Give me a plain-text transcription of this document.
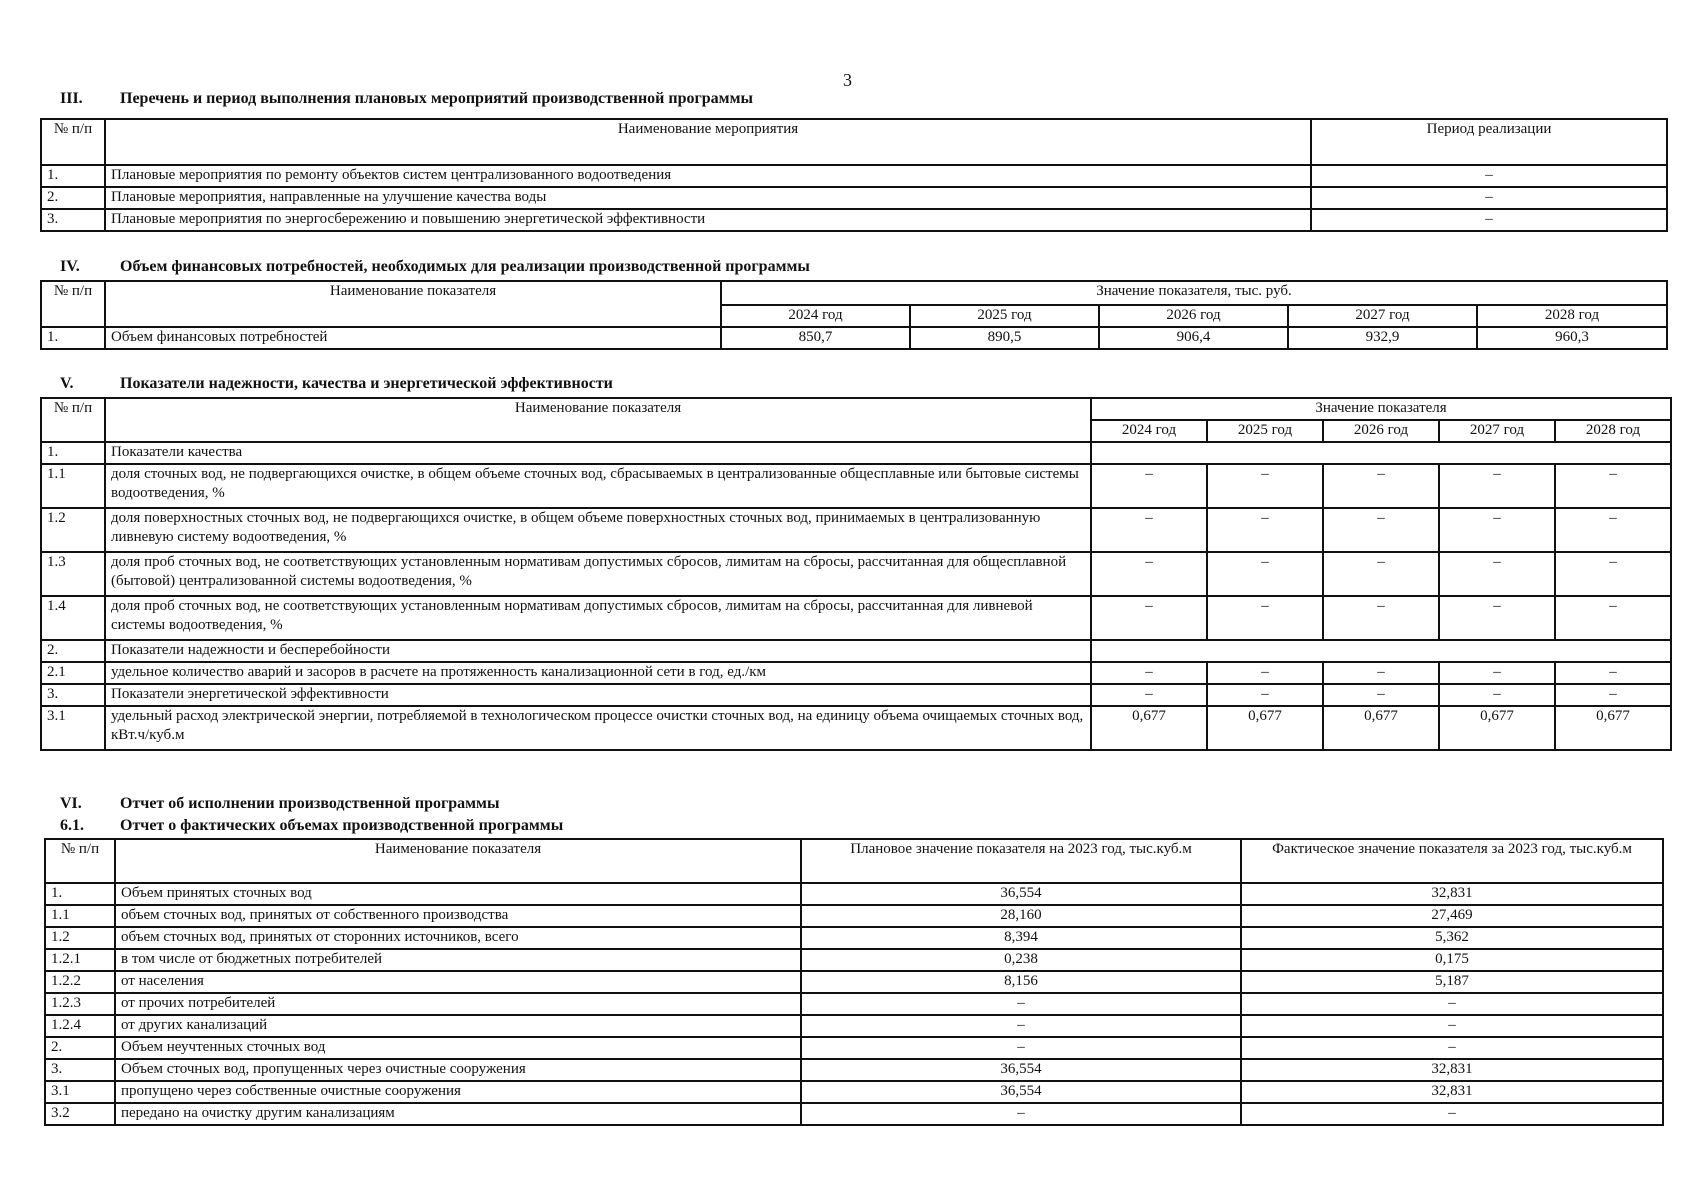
3
III. Перечень и период выполнения плановых мероприятий производственной программы
№ п/п	Наименование мероприятия	Период реализации
1.	Плановые мероприятия по ремонту объектов систем централизованного водоотведения	–
2.	Плановые мероприятия, направленные на улучшение качества воды	–
3.	Плановые мероприятия по энергосбережению и повышению энергетической эффективности	–
IV.	Объем финансовых потребностей, необходимых для реализации производственной программы
№ п/п	Наименование показателя	Значение показателя, тыс. руб.				
		2024 год	2025 год	2026 год	2027 год	2028 год
1.	Объем финансовых потребностей	850,7	890,5	906,4	932,9	960,3
V.	Показатели надежности, качества и энергетической эффективности
№ п/п	Наименование показателя	Значение показателя				
		2024 год	2025 год	2026 год	2027 год	2028 год
1.	Показатели качества					
1.1	доля сточных вод, не подвергающихся очистке, в общем объеме сточных вод, сбрасываемых в централизованные общесплавные или бытовые системы водоотведения, %	–	–	–	–	–
1.2	доля поверхностных сточных вод, не подвергающихся очистке, в общем объеме поверхностных сточных вод, принимаемых в централизованную ливневую систему водоотведения, %	–	–	–	–	–
1.3	доля проб сточных вод, не соответствующих установленным нормативам допустимых сбросов, лимитам на сбросы, рассчитанная для общесплавной (бытовой) централизованной системы водоотведения, %	–	–	–	–	–
1.4	доля проб сточных вод, не соответствующих установленным нормативам допустимых сбросов, лимитам на сбросы, рассчитанная для ливневой системы водоотведения, %	–	–	–	–	–
2.	Показатели надежности и бесперебойности					
2.1	удельное количество аварий и засоров в расчете на протяженность канализационной сети в год, ед./км	–	–	–	–	–
3.	Показатели энергетической эффективности	–	–	–	–	–
3.1	удельный расход электрической энергии, потребляемой в технологическом процессе очистки сточных вод, на единицу объема очищаемых сточных вод, кВт.ч/куб.м	0,677	0,677	0,677	0,677	0,677
VI. Отчет об исполнении производственной программы
6.1. Отчет о фактических объемах производственной программы
№ п/п	Наименование показателя	Плановое значение показателя на 2023 год, тыс.куб.м	Фактическое значение показателя за 2023 год, тыс.куб.м
1.	Объем принятых сточных вод	36,554	32,831
1.1	объем сточных вод, принятых от собственного производства	28,160	27,469
1.2	объем сточных вод, принятых от сторонних источников, всего	8,394	5,362
1.2.1	в том числе от бюджетных потребителей	0,238	0,175
1.2.2	от населения	8,156	5,187
1.2.3	от прочих потребителей	–	–
1.2.4	от других канализаций	–	–
2.	Объем неучтенных сточных вод	–	–
3.	Объем сточных вод, пропущенных через очистные сооружения	36,554	32,831
3.1	пропущено через собственные очистные сооружения	36,554	32,831
3.2	передано на очистку другим канализациям	–	–
